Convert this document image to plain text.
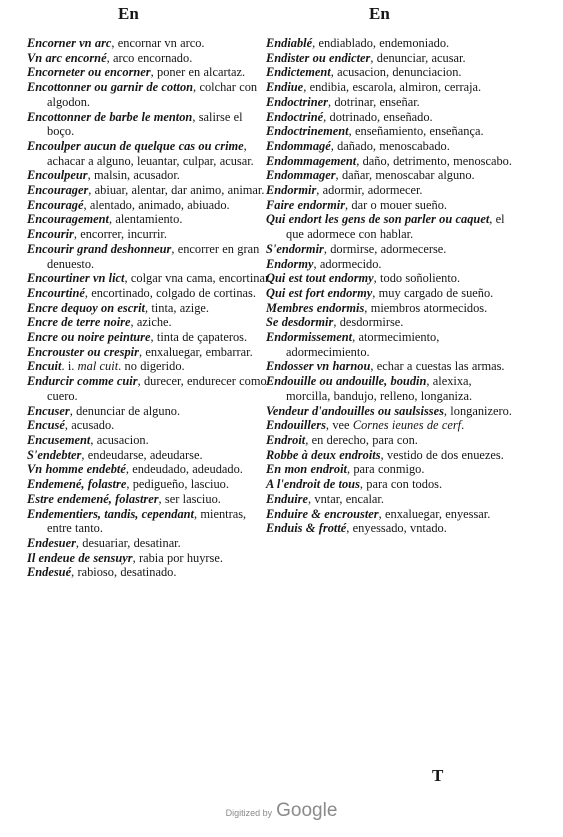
En	En
Encorner vn arc, encornar vn arco.
Vn arc encorné, arco encornado.
Encorneter ou encorner, poner en alcartaz.
Encottonner ou garnir de cotton, colchar con algodon.
Encottonner de barbe le menton, salirse el boço.
Encoulper aucun de quelque cas ou crime, achacar a alguno, leuantar, culpar, acusar.
Encoulpeur, malsin, acusador.
Encourager, abiuar, alentar, dar animo, animar.
Encouragé, alentado, animado, abiuado.
Encouragement, alentamiento.
Encourir, encorrer, incurrir.
Encourir grand deshonneur, encorrer en gran denuesto.
Encourtiner vn lict, colgar vna cama, encortinar.
Encourtiné, encortinado, colgado de cortinas.
Encre dequoy on escrit, tinta, azige.
Encre de terre noire, aziche.
Encre ou noire peinture, tinta de çapateros.
Encrouster ou crespir, enxaluegar, embarrar.
Encuit. i. mal cuit. no digerido.
Endurcir comme cuir, durecer, endurecer como cuero.
Encuser, denunciar de alguno.
Encusé, acusado.
Encusement, acusacion.
S'endebter, endeudarse, adeudarse.
Vn homme endebté, endeudado, adeudado.
Endemené, folastre, pedigueño, lasciuo.
Estre endemené, folastrer, ser lasciuo.
Endementiers, tandis, cependant, mientras, entre tanto.
Endesuer, desuariar, desatinar.
Il endeue de sensuyr, rabia por huyrse.
Endesué, rabioso, desatinado.
Endiablé, endiablado, endemoniado.
Endister ou endicter, denunciar, acusar.
Endictement, acusacion, denunciacion.
Endiue, endibia, escarola, almiron, cerraja.
Endoctriner, dotrinar, enseñar.
Endoctriné, dotrinado, enseñado.
Endoctrinement, enseñamiento, enseñança.
Endommagé, dañado, menoscabado.
Endommagement, daño, detrimento, menoscabo.
Endommager, dañar, menoscabar alguno.
Endormir, adormir, adormecer.
Faire endormir, dar o mouer sueño.
Qui endort les gens de son parler ou caquet, el que adormece con hablar.
S'endormir, dormirse, adormecerse.
Endormy, adormecido.
Qui est tout endormy, todo soñoliento.
Qui est fort endormy, muy cargado de sueño.
Membres endormis, miembros atormecidos.
Se desdormir, desdormirse.
Endormissement, atormecimiento, adormecimiento.
Endosser vn harnou, echar a cuestas las armas.
Endouille ou andouille, boudin, alexixa, morcilla, bandujo, relleno, longaniza.
Vendeur d'andouilles ou saulsisses, longanizero.
Endouillers, vee Cornes ieunes de cerf.
Endroit, en derecho, para con.
Robbe à deux endroits, vestido de dos enuezes.
En mon endroit, para conmigo.
A l'endroit de tous, para con todos.
Enduire, vntar, encalar.
Enduire & encrouster, enxaluegar, enyessar.
Enduis & frotté, enyessado, vntado.
T
Digitized by Google
